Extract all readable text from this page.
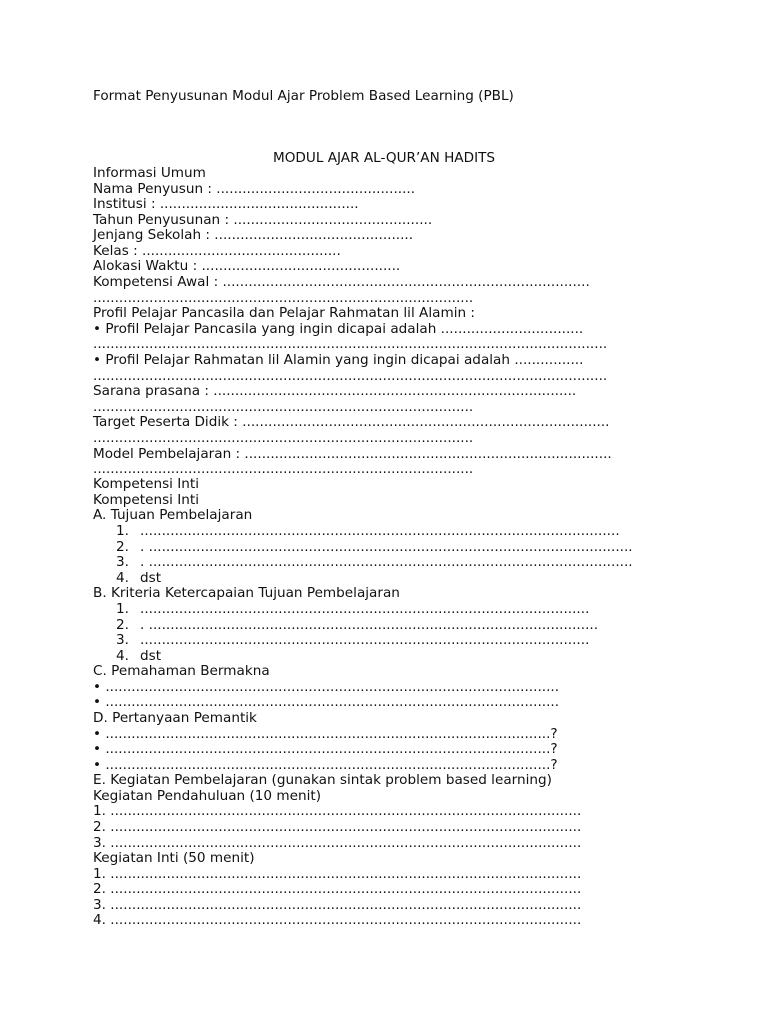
Format Penyusunan Modul Ajar Problem Based Learning (PBL)
MODUL AJAR AL-QUR’AN HADITS
Informasi Umum
Nama Penyusun : ..............................................
Institusi : ..............................................
Tahun Penyusunan : ..............................................
Jenjang Sekolah : ..............................................
Kelas : ..............................................
Alokasi Waktu : ..............................................
Kompetensi Awal : .....................................................................................
........................................................................................
Profil Pelajar Pancasila dan Pelajar Rahmatan lil Alamin :
• Profil Pelajar Pancasila yang ingin dicapai adalah .................................
.......................................................................................................................
• Profil Pelajar Rahmatan lil Alamin yang ingin dicapai adalah ................
.......................................................................................................................
Sarana prasana : ....................................................................................
........................................................................................
Target Peserta Didik : .....................................................................................
........................................................................................
Model Pembelajaran : .....................................................................................
........................................................................................
Kompetensi Inti
Kompetensi Inti
A. Tujuan Pembelajaran
1. ...............................................................................................................
2. . ................................................................................................................
3. . ................................................................................................................
4. dst
B. Kriteria Ketercapaian Tujuan Pembelajaran
1. ........................................................................................................
2. . ........................................................................................................
3. ........................................................................................................
4. dst
C. Pemahaman Bermakna
• .........................................................................................................
• .........................................................................................................
D. Pertanyaan Pemantik
• .......................................................................................................?
• .......................................................................................................?
• .......................................................................................................?
E. Kegiatan Pembelajaran (gunakan sintak problem based learning)
Kegiatan Pendahuluan (10 menit)
1. .............................................................................................................
2. .............................................................................................................
3. .............................................................................................................
Kegiatan Inti (50 menit)
1. .............................................................................................................
2. .............................................................................................................
3. .............................................................................................................
4. .............................................................................................................
